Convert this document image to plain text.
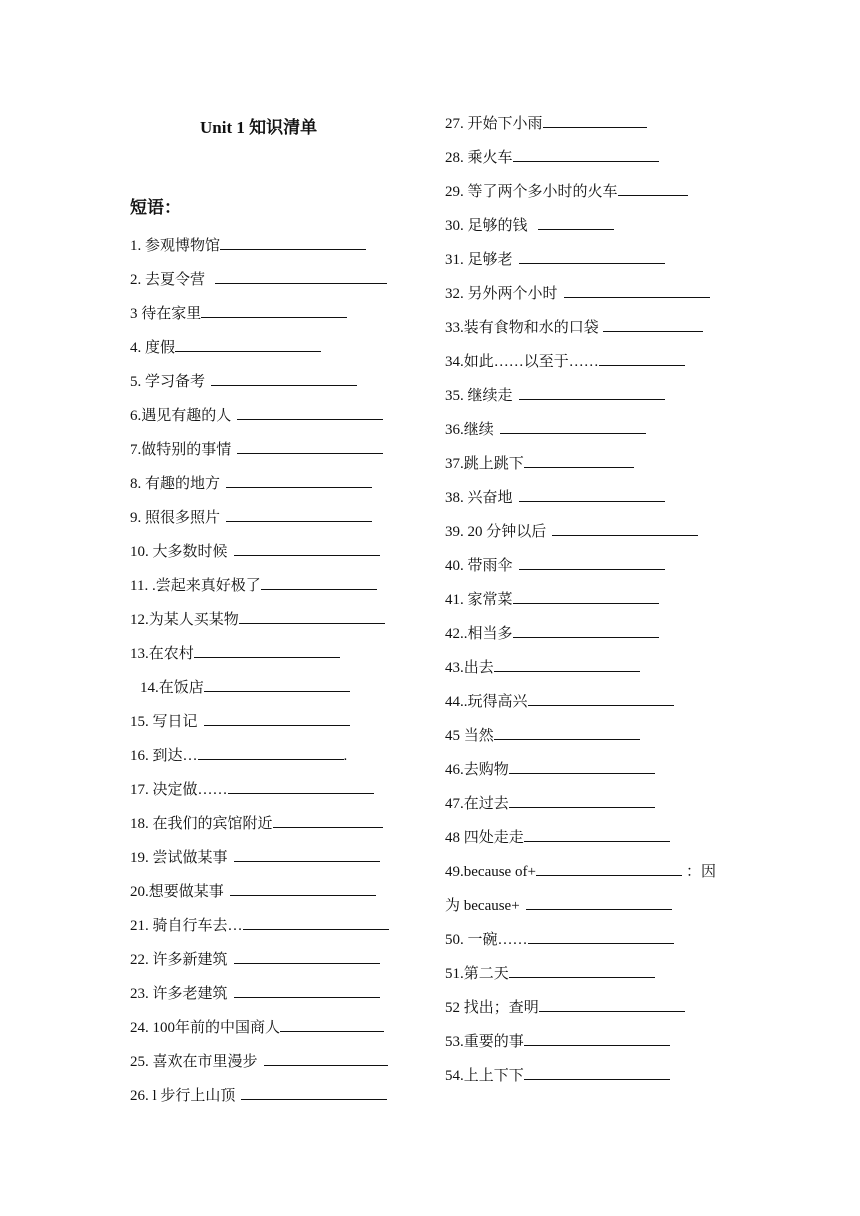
Unit 1 知识清单
短语：
1. 参观博物馆
2. 去夏令营
3 待在家里
4. 度假
5. 学习备考
6.遇见有趣的人
7.做特别的事情
8. 有趣的地方
9. 照很多照片
10. 大多数时候
11. .尝起来真好极了
12.为某人买某物
13.在农村
14.在饭店
15. 写日记
16. 到达…	.
17. 决定做……
18. 在我们的宾馆附近
19. 尝试做某事
20.想要做某事
21. 骑自行车去…
22. 许多新建筑
23. 许多老建筑
24. 100年前的中国商人
25. 喜欢在市里漫步
26. l 步行上山顶
27. 开始下小雨
28. 乘火车
29. 等了两个多小时的火车
30. 足够的钱
31. 足够老
32. 另外两个小时
33.装有食物和水的口袋
34.如此……以至于……
35. 继续走
36.继续
37.跳上跳下
38. 兴奋地
39. 20 分钟以后
40. 带雨伞
41. 家常菜
42..相当多
43.出去
44..玩得高兴
45 当然
46.去购物
47.在过去
48 四处走走
49.because of+	：因
为 because+
50. 一碗……
51.第二天
52 找出；查明
53.重要的事
54.上上下下
